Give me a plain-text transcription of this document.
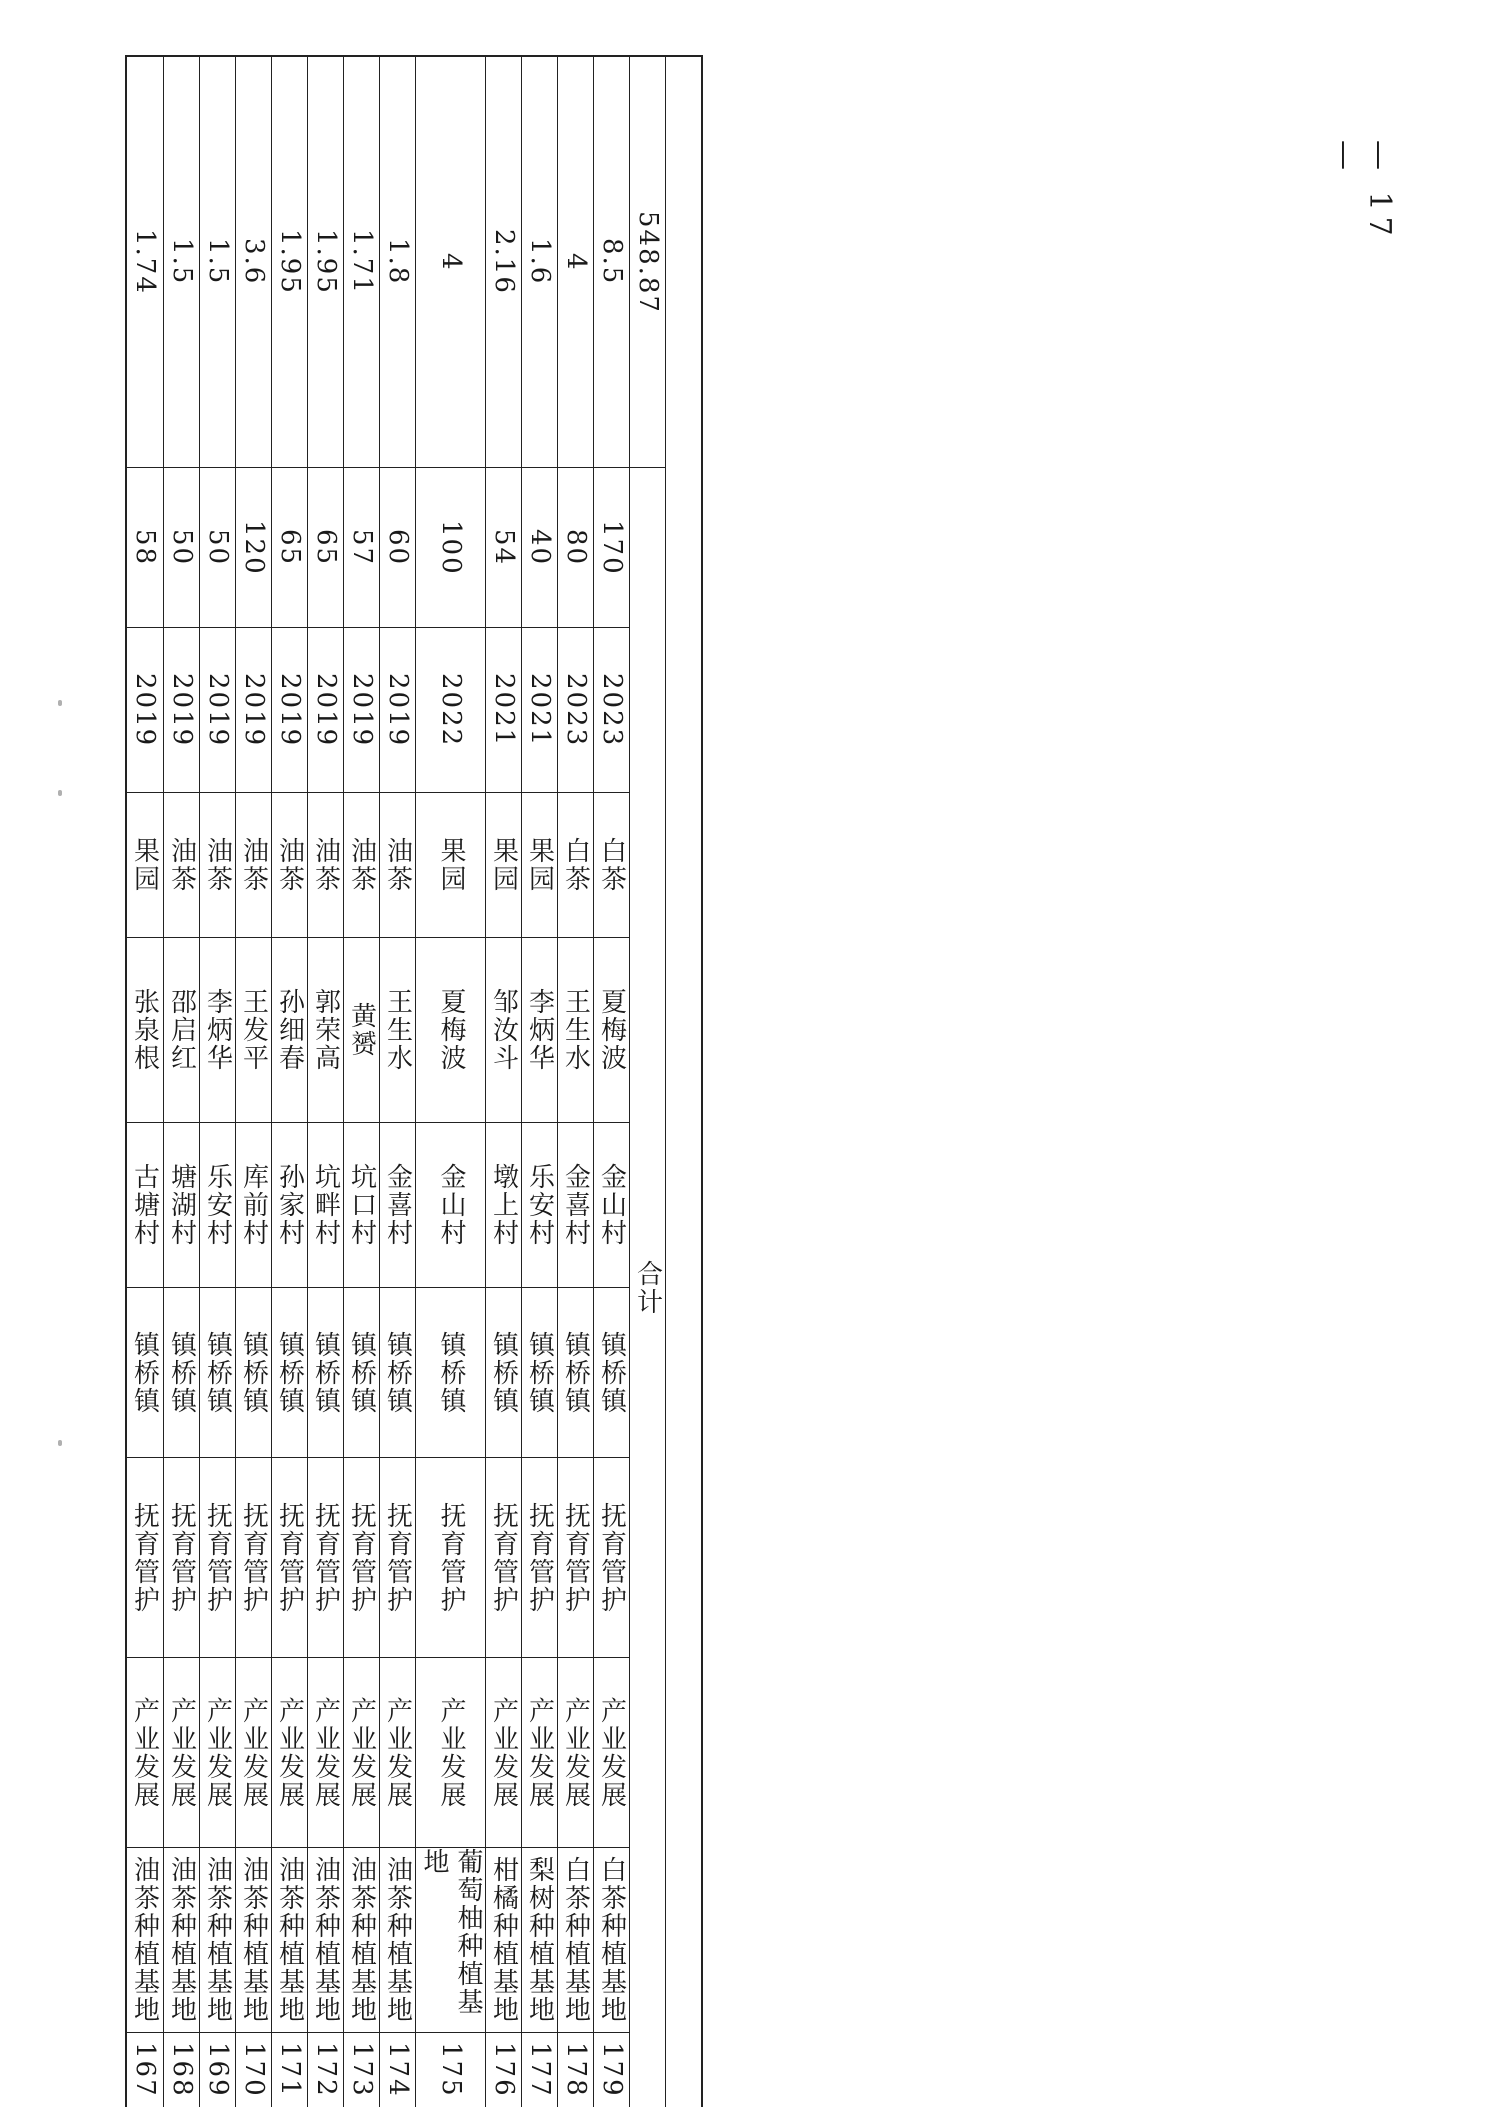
1.74
58
2019
果园
张泉根
古塘村
镇桥镇
抚育管护
产业发展
油茶种植基地
167
1.5
50
2019
油茶
邵启红
塘湖村
镇桥镇
抚育管护
产业发展
油茶种植基地
168
1.5
50
2019
油茶
李炳华
乐安村
镇桥镇
抚育管护
产业发展
油茶种植基地
169
3.6
120
2019
油茶
王发平
库前村
镇桥镇
抚育管护
产业发展
油茶种植基地
170
1.95
65
2019
油茶
孙细春
孙家村
镇桥镇
抚育管护
产业发展
油茶种植基地
171
1.95
65
2019
油茶
郭荣高
坑畔村
镇桥镇
抚育管护
产业发展
油茶种植基地
172
1.71
57
2019
油茶
黄赟
坑口村
镇桥镇
抚育管护
产业发展
油茶种植基地
173
1.8
60
2019
油茶
王生水
金喜村
镇桥镇
抚育管护
产业发展
油茶种植基地
174
4
100
2022
果园
夏梅波
金山村
镇桥镇
抚育管护
产业发展
葡萄柚种植基地
175
2.16
54
2021
果园
邹汝斗
墩上村
镇桥镇
抚育管护
产业发展
柑橘种植基地
176
1.6
40
2021
果园
李炳华
乐安村
镇桥镇
抚育管护
产业发展
梨树种植基地
177
4
80
2023
白茶
王生水
金喜村
镇桥镇
抚育管护
产业发展
白茶种植基地
178
8.5
170
2023
白茶
夏梅波
金山村
镇桥镇
抚育管护
产业发展
白茶种植基地
179
548.87
合计
— 17 —
